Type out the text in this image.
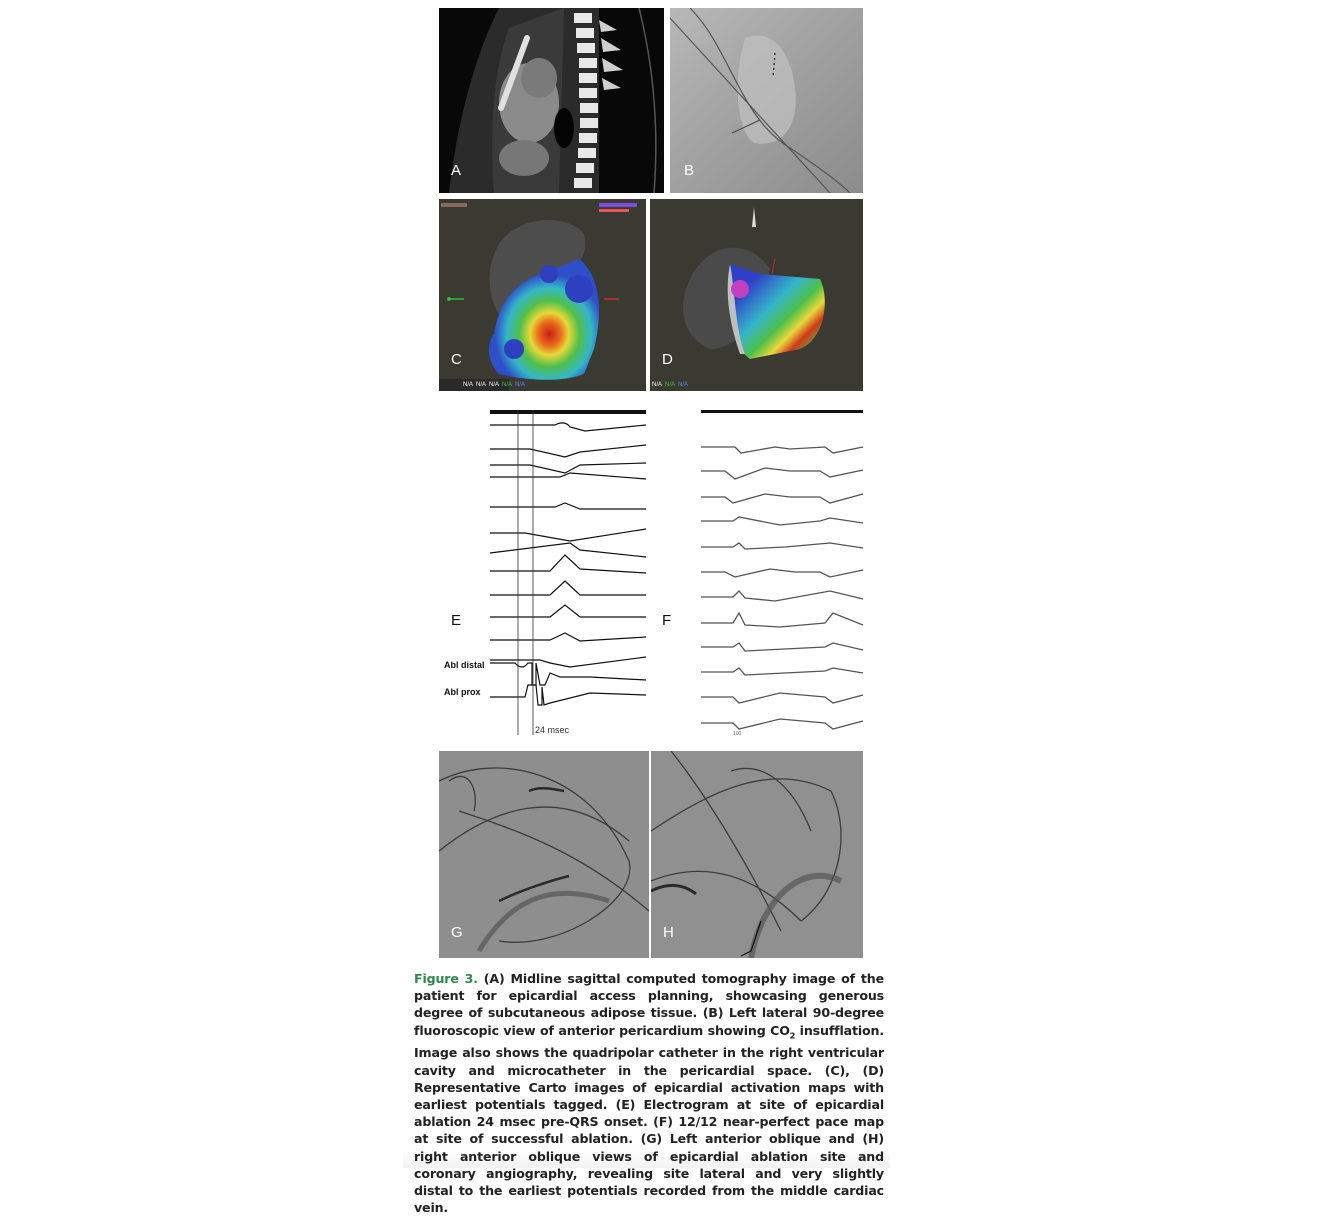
A	B
C
N/A N/A N/A N/A N/A
D
N/A N/A N/A
E
Abl distal
Abl prox
24 msec
F
100
G	H
Figure 3. (A) Midline sagittal computed tomography image of the patient for epicardial access planning, showcasing generous degree of subcutaneous adipose tissue. (B) Left lateral 90-degree fluoroscopic view of anterior pericardium showing $CO_2$ insufflation. Image also shows the quadripolar catheter in the right ventricular cavity and microcatheter in the pericardial space. (C), (D) Representative Carto images of epicardial activation maps with earliest potentials tagged. (E) Electrogram at site of epicardial ablation 24 msec pre-QRS onset. (F) 12/12 near-perfect pace map at site of successful ablation. (G) Left anterior oblique and (H) right anterior oblique views of epicardial ablation site and coronary angiography, revealing site lateral and very slightly distal to the earliest potentials recorded from the middle cardiac vein.
